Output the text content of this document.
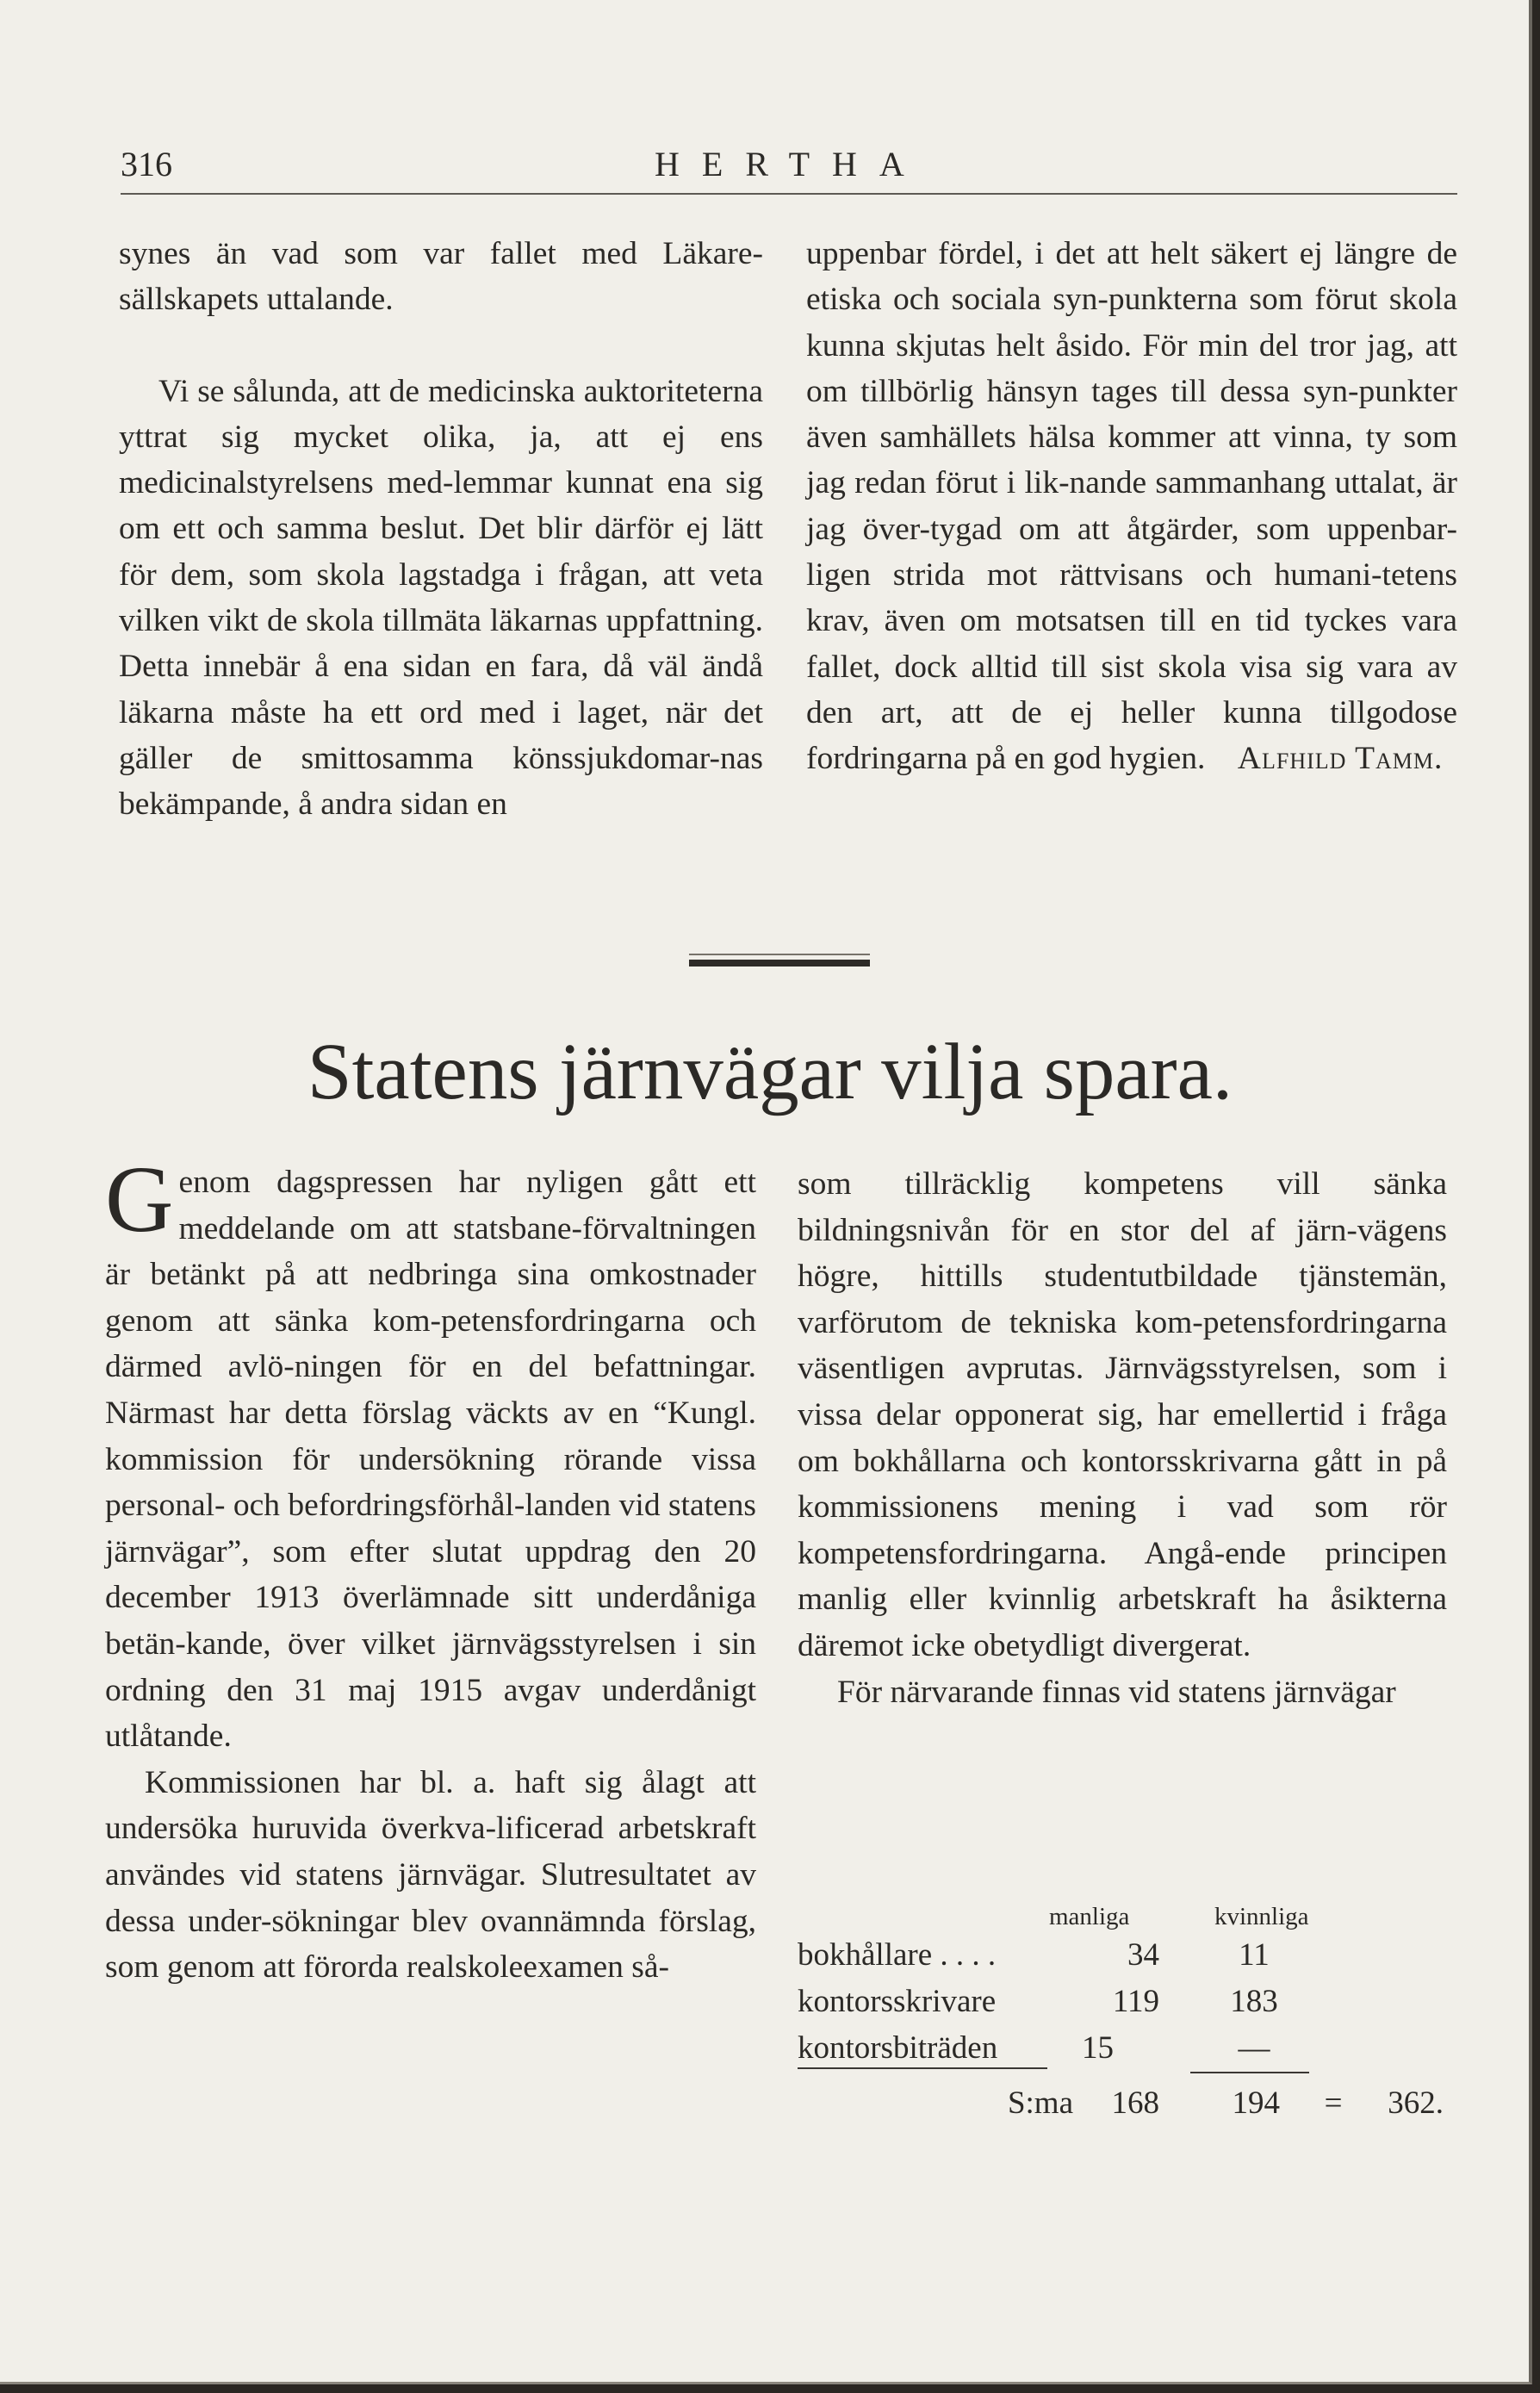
316	HERTHA

synes än vad som var fallet med Läkare-sällskapets uttalande.

Vi se sålunda, att de medicinska auktoriteterna yttrat sig mycket olika, ja, att ej ens medicinalstyrelsens med-lemmar kunnat ena sig om ett och samma beslut. Det blir därför ej lätt för dem, som skola lagstadga i frågan, att veta vilken vikt de skola tillmäta läkarnas uppfattning. Detta innebär å ena sidan en fara, då väl ändå läkarna måste ha ett ord med i laget, när det gäller de smittosamma könssjukdomar-nas bekämpande, å andra sidan en

uppenbar fördel, i det att helt säkert ej längre de etiska och sociala syn-punkterna som förut skola kunna skjutas helt åsido. För min del tror jag, att om tillbörlig hänsyn tages till dessa syn-punkter även samhällets hälsa kommer att vinna, ty som jag redan förut i lik-nande sammanhang uttalat, är jag över-tygad om att åtgärder, som uppenbar-ligen strida mot rättvisans och humani-tetens krav, även om motsatsen till en tid tyckes vara fallet, dock alltid till sist skola visa sig vara av den art, att de ej heller kunna tillgodose fordringarna på en god hygien. Alfhild Tamm.

Statens järnvägar vilja spara.

Genom dagspressen har nyligen gått ett meddelande om att statsbane-förvaltningen är betänkt på att nedbringa sina omkostnader genom att sänka kom-petensfordringarna och därmed avlö-ningen för en del befattningar. Närmast har detta förslag väckts av en “Kungl. kommission för undersökning rörande vissa personal- och befordringsförhål-landen vid statens järnvägar”, som efter slutat uppdrag den 20 december 1913 överlämnade sitt underdåniga betän-kande, över vilket järnvägsstyrelsen i sin ordning den 31 maj 1915 avgav underdånigt utlåtande.

Kommissionen har bl. a. haft sig ålagt att undersöka huruvida överkva-lificerad arbetskraft användes vid statens järnvägar. Slutresultatet av dessa under-sökningar blev ovannämnda förslag, som genom att förorda realskoleexamen så-

som tillräcklig kompetens vill sänka bildningsnivån för en stor del af järn-vägens högre, hittills studentutbildade tjänstemän, varförutom de tekniska kom-petensfordringarna väsentligen avprutas. Järnvägsstyrelsen, som i vissa delar opponerat sig, har emellertid i fråga om bokhållarna och kontorsskrivarna gått in på kommissionens mening i vad som rör kompetensfordringarna. Angå-ende principen manlig eller kvinnlig arbetskraft ha åsikterna däremot icke obetydligt divergerat.

För närvarande finnas vid statens järnvägar

manliga	kvinnliga
bokhållare . . . .	34	11
kontorsskrivare	119	183
kontorsbiträden	15	—
S:ma	168	194 =	362.
